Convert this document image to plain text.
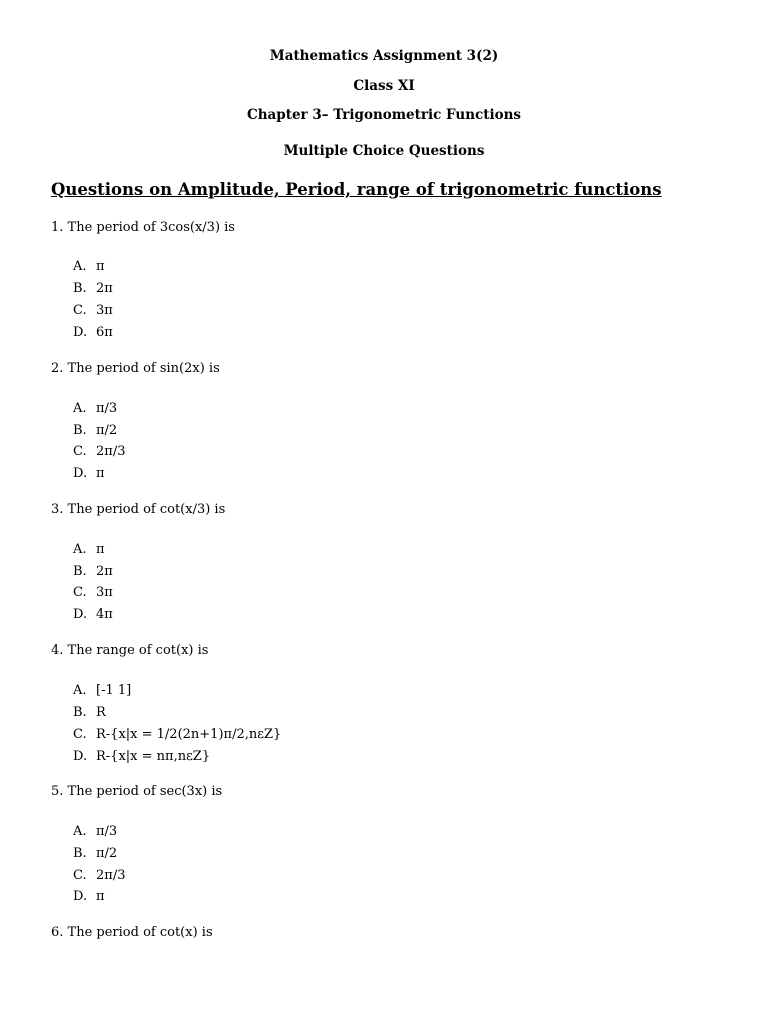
Mathematics Assignment 3(2)
Class XI
Chapter 3– Trigonometric Functions
Multiple Choice Questions
Questions on Amplitude, Period, range of trigonometric functions
1. The period of 3cos(x/3) is
A. π
B. 2π
C. 3π
D. 6π
2. The period of sin(2x) is
A. π/3
B. π/2
C. 2π/3
D. π
3. The period of cot(x/3) is
A. π
B. 2π
C. 3π
D. 4π
4. The range of cot(x) is
A. [-1 1]
B. R
C. R-{x|x = 1/2(2n+1)π/2,nεZ}
D. R-{x|x = nπ,nεZ}
5. The period of sec(3x) is
A. π/3
B. π/2
C. 2π/3
D. π
6. The period of cot(x) is
